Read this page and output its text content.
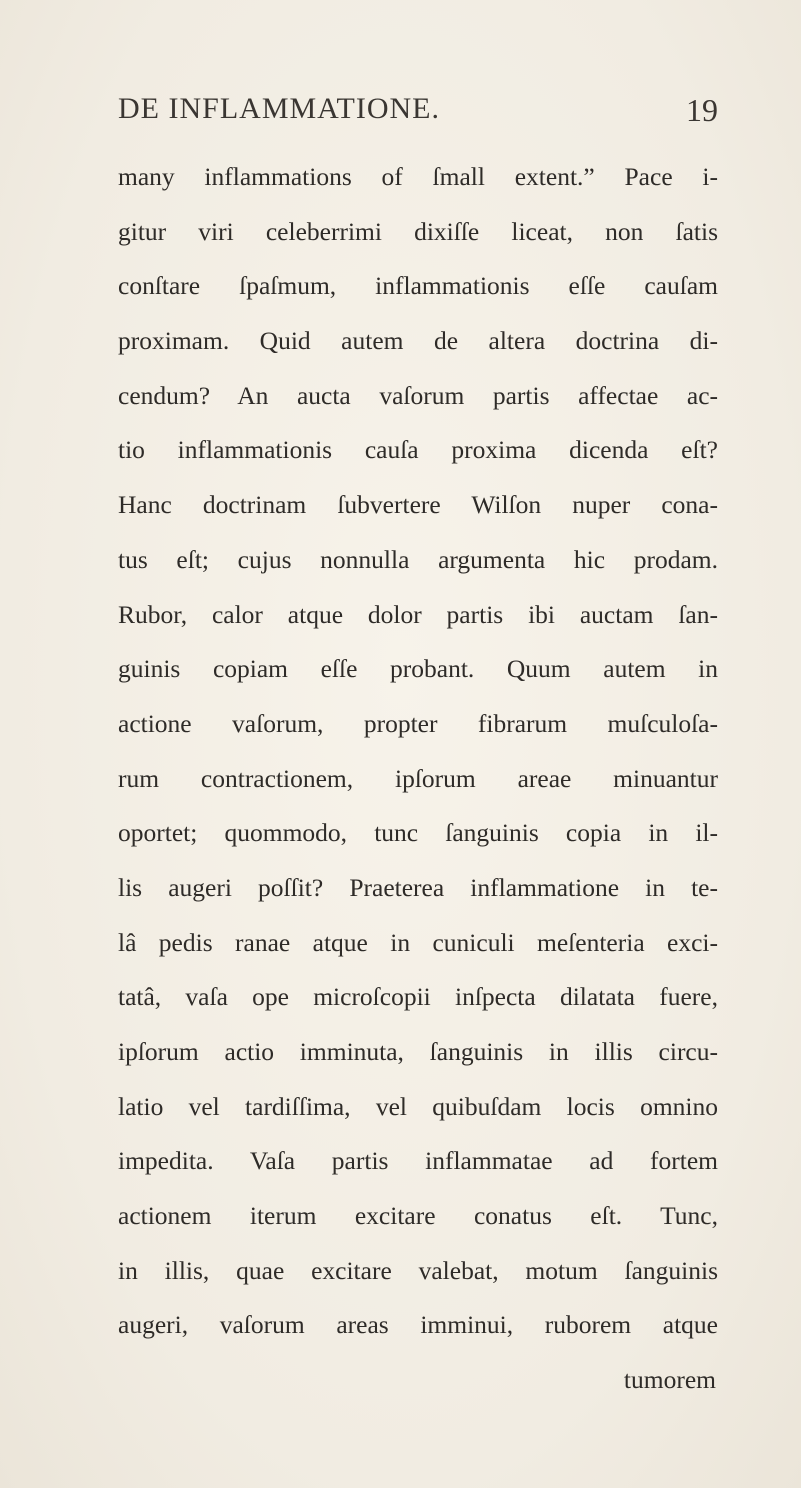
DE INFLAMMATIONE.	19
many inflammations of ſmall extent.” Pace i-
gitur viri celeberrimi dixiſſe liceat, non ſatis
conſtare ſpaſmum, inflammationis eſſe cauſam
proximam. Quid autem de altera doctrina di-
cendum? An aucta vaſorum partis affectae ac-
tio inflammationis cauſa proxima dicenda eſt?
Hanc doctrinam ſubvertere Wilſon nuper cona-
tus eſt; cujus nonnulla argumenta hic prodam.
Rubor, calor atque dolor partis ibi auctam ſan-
guinis copiam eſſe probant. Quum autem in
actione vaſorum, propter fibrarum muſculoſa-
rum contractionem, ipſorum areae minuantur
oportet; quommodo, tunc ſanguinis copia in il-
lis augeri poſſit? Praeterea inflammatione in te-
lâ pedis ranae atque in cuniculi meſenteria exci-
tatâ, vaſa ope microſcopii inſpecta dilatata fuere,
ipſorum actio imminuta, ſanguinis in illis circu-
latio vel tardiſſima, vel quibuſdam locis omnino
impedita. Vaſa partis inflammatae ad fortem
actionem iterum excitare conatus eſt. Tunc,
in illis, quae excitare valebat, motum ſanguinis
augeri, vaſorum areas imminui, ruborem atque
tumorem
